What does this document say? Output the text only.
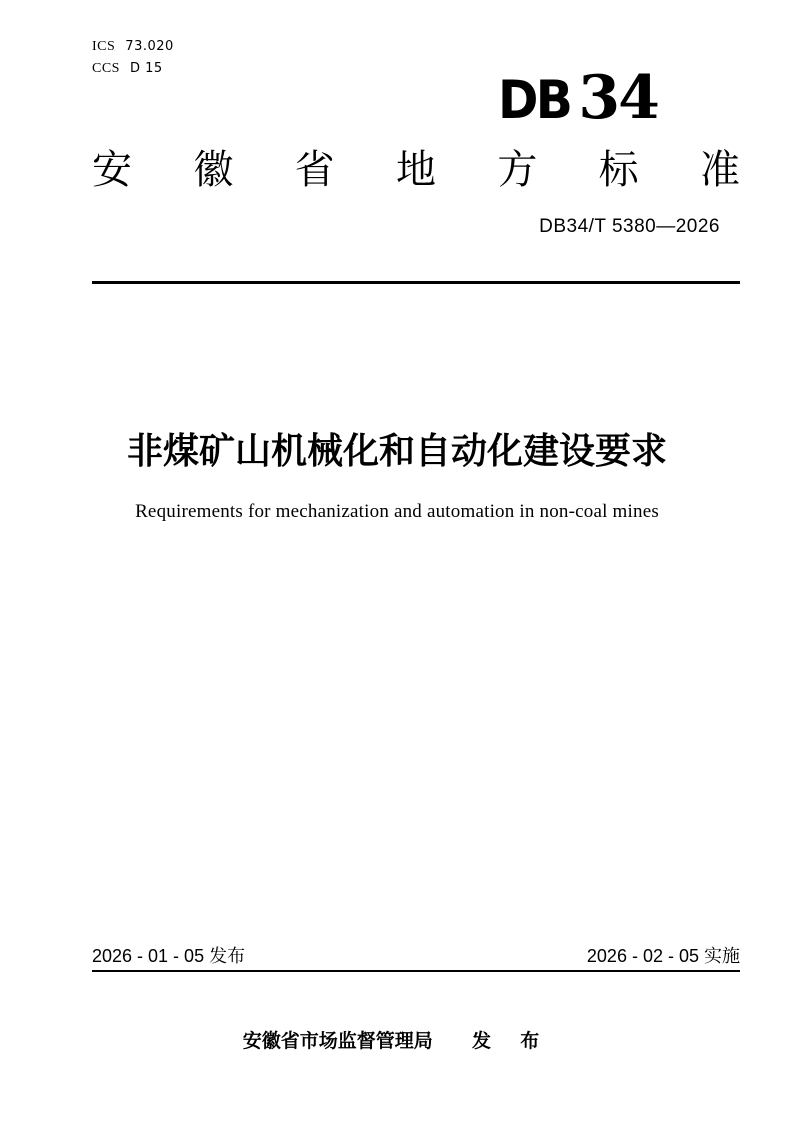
ICS 73.020
CCS D 15
DB 34
安 徽 省 地 方 标 准
DB34/T 5380—2026
非煤矿山机械化和自动化建设要求
Requirements for mechanization and automation in non-coal mines
2026 - 01 - 05 发布	2026 - 02 - 05 实施
安徽省市场监督管理局 发 布
